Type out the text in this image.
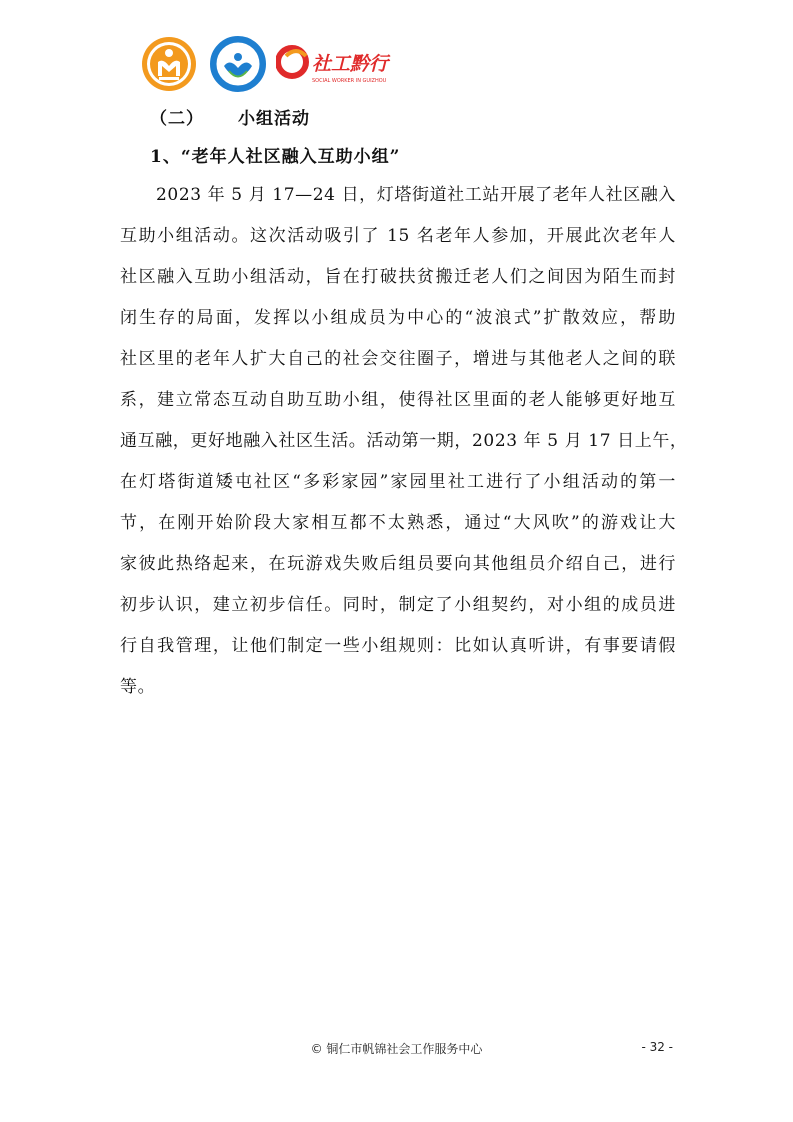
社工黔行
SOCIAL WORKER IN GUIZHOU
（二） 小组活动
1、“老年人社区融入互助小组”
2023 年 5 月 17—24 日，灯塔街道社工站开展了老年人社区融入
互助小组活动。这次活动吸引了 15 名老年人参加，开展此次老年人
社区融入互助小组活动，旨在打破扶贫搬迁老人们之间因为陌生而封
闭生存的局面，发挥以小组成员为中心的“波浪式”扩散效应，帮助
社区里的老年人扩大自己的社会交往圈子，增进与其他老人之间的联
系，建立常态互动自助互助小组，使得社区里面的老人能够更好地互
通互融，更好地融入社区生活。活动第一期，2023 年 5 月 17 日上午，
在灯塔街道矮屯社区“多彩家园”家园里社工进行了小组活动的第一
节，在刚开始阶段大家相互都不太熟悉，通过“大风吹”的游戏让大
家彼此热络起来，在玩游戏失败后组员要向其他组员介绍自己，进行
初步认识，建立初步信任。同时，制定了小组契约，对小组的成员进
行自我管理，让他们制定一些小组规则：比如认真听讲，有事要请假
等。
© 铜仁市帆锦社会工作服务中心	- 32 -
